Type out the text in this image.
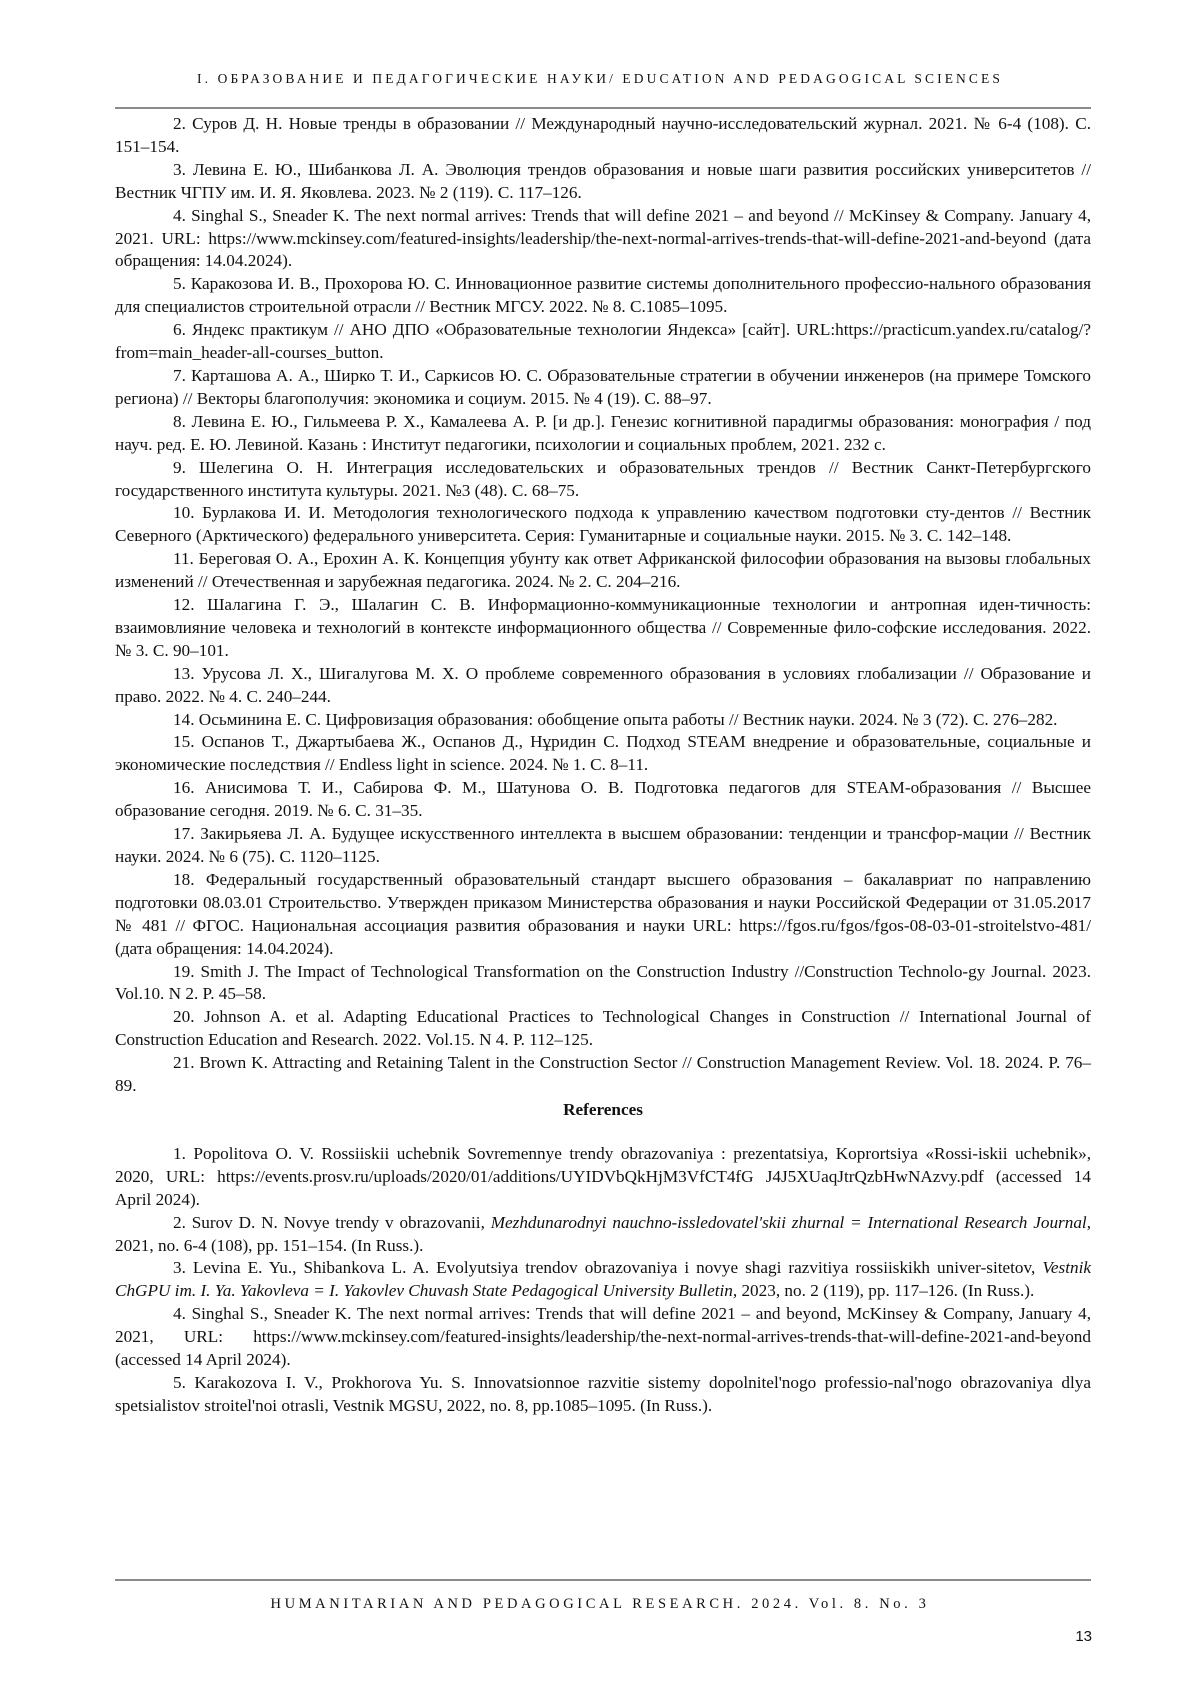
I. ОБРАЗОВАНИЕ И ПЕДАГОГИЧЕСКИЕ НАУКИ/ EDUCATION AND PEDAGOGICAL SCIENCES

2. Суров Д. Н. Новые тренды в образовании // Международный научно-исследовательский журнал. 2021. № 6-4 (108). С. 151–154.

3. Левина Е. Ю., Шибанкова Л. А. Эволюция трендов образования и новые шаги развития российских университетов // Вестник ЧГПУ им. И. Я. Яковлева. 2023. № 2 (119). С. 117–126.

4. Singhal S., Sneader K. The next normal arrives: Trends that will define 2021 – and beyond // McKinsey & Company. January 4, 2021. URL: https://www.mckinsey.com/featured-insights/leadership/the-next-normal-arrives-trends-that-will-define-2021-and-beyond (дата обращения: 14.04.2024).

5. Каракозова И. В., Прохорова Ю. С. Инновационное развитие системы дополнительного профессио-нального образования для специалистов строительной отрасли // Вестник МГСУ. 2022. № 8. С.1085–1095.

6. Яндекс практикум // АНО ДПО «Образовательные технологии Яндекса» [сайт]. URL:https://practicum.yandex.ru/catalog/?from=main_header-all-courses_button.

7. Карташова А. А., Ширко Т. И., Саркисов Ю. С. Образовательные стратегии в обучении инженеров (на примере Томского региона) // Векторы благополучия: экономика и социум. 2015. № 4 (19). С. 88–97.

8. Левина Е. Ю., Гильмеева Р. Х., Камалеева А. Р. [и др.]. Генезис когнитивной парадигмы образования: монография / под науч. ред. Е. Ю. Левиной. Казань : Институт педагогики, психологии и социальных проблем, 2021. 232 с.

9. Шелегина О. Н. Интеграция исследовательских и образовательных трендов // Вестник Санкт-Петербургского государственного института культуры. 2021. №3 (48). С. 68–75.

10. Бурлакова И. И. Методология технологического подхода к управлению качеством подготовки сту-дентов // Вестник Северного (Арктического) федерального университета. Серия: Гуманитарные и социальные науки. 2015. № 3. С. 142–148.

11. Береговая О. А., Ерохин А. К. Концепция убунту как ответ Африканской философии образования на вызовы глобальных изменений // Отечественная и зарубежная педагогика. 2024. № 2. С. 204–216.

12. Шалагина Г. Э., Шалагин С. В. Информационно-коммуникационные технологии и антропная иден-тичность: взаимовлияние человека и технологий в контексте информационного общества // Современные фило-софские исследования. 2022. № 3. С. 90–101.

13. Урусова Л. Х., Шигалугова М. Х. О проблеме современного образования в условиях глобализации // Образование и право. 2022. № 4. С. 240–244.

14. Осьминина Е. С. Цифровизация образования: обобщение опыта работы // Вестник науки. 2024. № 3 (72). С. 276–282.

15. Оспанов Т., Джартыбаева Ж., Оспанов Д., Нұридин С. Подход STEAM внедрение и образовательные, социальные и экономические последствия // Endless light in science. 2024. № 1. С. 8–11.

16. Анисимова Т. И., Сабирова Ф. М., Шатунова О. В. Подготовка педагогов для STEAM-образования // Высшее образование сегодня. 2019. № 6. С. 31–35.

17. Закирьяева Л. А. Будущее искусственного интеллекта в высшем образовании: тенденции и трансфор-мации // Вестник науки. 2024. № 6 (75). С. 1120–1125.

18. Федеральный государственный образовательный стандарт высшего образования – бакалавриат по направлению подготовки 08.03.01 Строительство. Утвержден приказом Министерства образования и науки Российской Федерации от 31.05.2017 № 481 // ФГОС. Национальная ассоциация развития образования и науки URL: https://fgos.ru/fgos/fgos-08-03-01-stroitelstvo-481/ (дата обращения: 14.04.2024).

19. Smith J. The Impact of Technological Transformation on the Construction Industry //Construction Technolo-gy Journal. 2023. Vol.10. N 2. P. 45–58.

20. Johnson A. et al. Adapting Educational Practices to Technological Changes in Construction // International Journal of Construction Education and Research. 2022. Vol.15. N 4. P. 112–125.

21. Brown K. Attracting and Retaining Talent in the Construction Sector // Construction Management Review. Vol. 18. 2024. P. 76–89.

References

1. Popolitova O. V. Rossiiskii uchebnik Sovremennye trendy obrazovaniya : prezentatsiya, Koprortsiya «Rossi-iskii uchebnik», 2020, URL: https://events.prosv.ru/uploads/2020/01/additions/UYIDVbQkHjM3VfCT4fG J4J5XUaqJtrQzbHwNAzvy.pdf (accessed 14 April 2024).

2. Surov D. N. Novye trendy v obrazovanii, Mezhdunarodnyi nauchno-issledovatel'skii zhurnal = International Research Journal, 2021, no. 6-4 (108), pp. 151–154. (In Russ.).

3. Levina E. Yu., Shibankova L. A. Evolyutsiya trendov obrazovaniya i novye shagi razvitiya rossiiskikh univer-sitetov, Vestnik ChGPU im. I. Ya. Yakovleva = I. Yakovlev Chuvash State Pedagogical University Bulletin, 2023, no. 2 (119), pp. 117–126. (In Russ.).

4. Singhal S., Sneader K. The next normal arrives: Trends that will define 2021 – and beyond, McKinsey & Company, January 4, 2021, URL: https://www.mckinsey.com/featured-insights/leadership/the-next-normal-arrives-trends-that-will-define-2021-and-beyond (accessed 14 April 2024).

5. Karakozova I. V., Prokhorova Yu. S. Innovatsionnoe razvitie sistemy dopolnitel'nogo professio-nal'nogo obrazovaniya dlya spetsialistov stroitel'noi otrasli, Vestnik MGSU, 2022, no. 8, pp.1085–1095. (In Russ.).

HUMANITARIAN AND PEDAGOGICAL RESEARCH. 2024. Vol. 8. No. 3
13
